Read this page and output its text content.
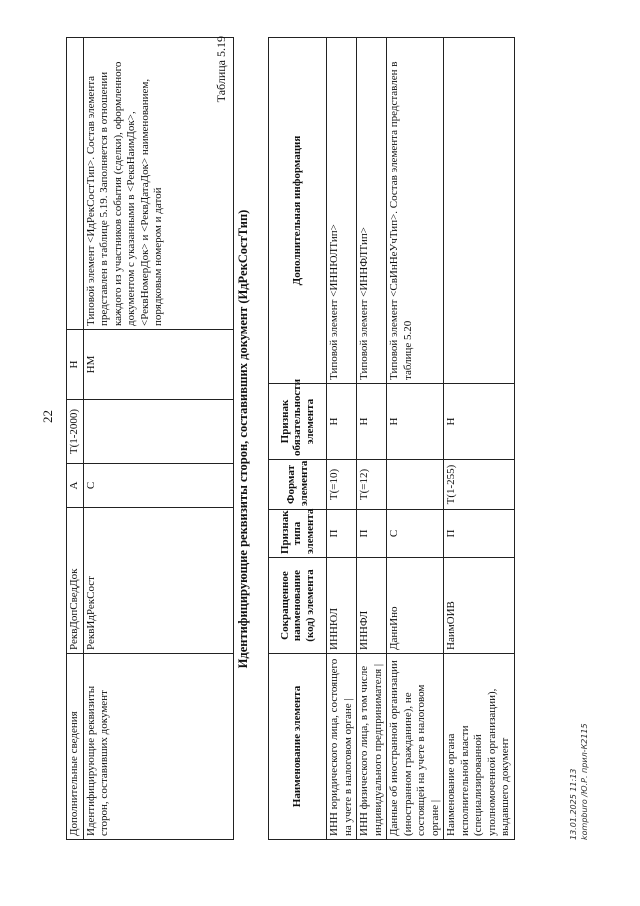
22
Дополнительные сведения	РеквДопСведДок	А	Т(1-2000)	Н	
Идентифицирующие реквизиты сторон, составивших документ	РеквИдРекСост	С		НМ	Типовой элемент <ИдРекСостТип>. Состав элемента представлен в таблице 5.19. Заполняется в отношении каждого из участников события (сделки), оформленного документом с указанными в <РеквНаимДок>, <РеквНомерДок> и <РеквДатаДок> наименованием, порядковым номером и датой
Таблица 5.19
Идентифицирующие реквизиты сторон, составивших документ (ИдРекСостТип)
Наименование элемента	Сокращенное наименование (код) элемента	Признак типа элемента	Формат элемента	Признак обязательности элемента	Дополнительная информация
ИНН юридического лица, состоящего на учете в налоговом органе |	ИННЮЛ	П	Т(=10)	Н	Типовой элемент <ИННЮЛТип>
ИНН физического лица, в том числе индивидуального предпринимателя |	ИННФЛ	П	Т(=12)	Н	Типовой элемент <ИННФЛТип>
Данные об иностранной организации (иностранном гражданине), не состоящей на учете в налоговом органе |	ДаннИно	С		Н	Типовой элемент <СвИнНеУчТип>. Состав элемента представлен в таблице 5.20
Наименование органа исполнительной власти (специализированной уполномоченной организации), выдавшего документ	НаимОИВ	П	Т(1-255)	Н	
13.01.2025 11:13 kompburo /Ю.Р. прил-К2115
